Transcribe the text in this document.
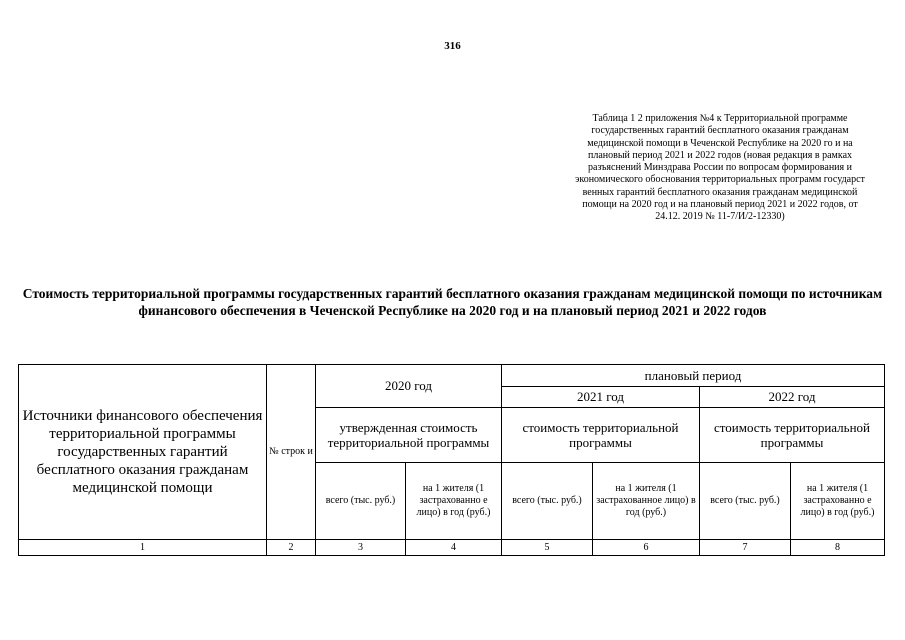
316
Таблица 1 2 приложения №4 к Территориальной программе государственных гарантий бесплатного оказания гражданам медицинской помощи в Чеченской Республике на 2020 го и на плановый период 2021 и 2022 годов (новая редакция в рамках разъяснений Минздрава России по вопросам формирования и экономического обоснования территориальных программ государст венных гарантий бесплатного оказания гражданам медицинской помощи на 2020 год и на плановый период 2021 и 2022 годов, от 24.12. 2019 № 11-7/И/2-12330)
Стоимость территориальной программы государственных гарантий бесплатного оказания гражданам медицинской помощи по источникам финансового обеспечения в Чеченской Республике на 2020 год и на плановый период 2021 и 2022 годов
Источники финансового обеспечения территориальной программы государственных гарантий бесплатного оказания гражданам медицинской помощи	№ строк и	2020 год		плановый период			
				2021 год		2022 год	
		утвержденная стоимость территориальной программы		стоимость территориальной программы		стоимость территориальной программы	
		всего (тыс. руб.)	на 1 жителя (1 застрахованно е лицо) в год (руб.)	всего (тыс. руб.)	на 1 жителя (1 застрахованное лицо) в год (руб.)	всего (тыс. руб.)	на 1 жителя (1 застрахованно е лицо) в год (руб.)
1	2	3	4	5	6	7	8
